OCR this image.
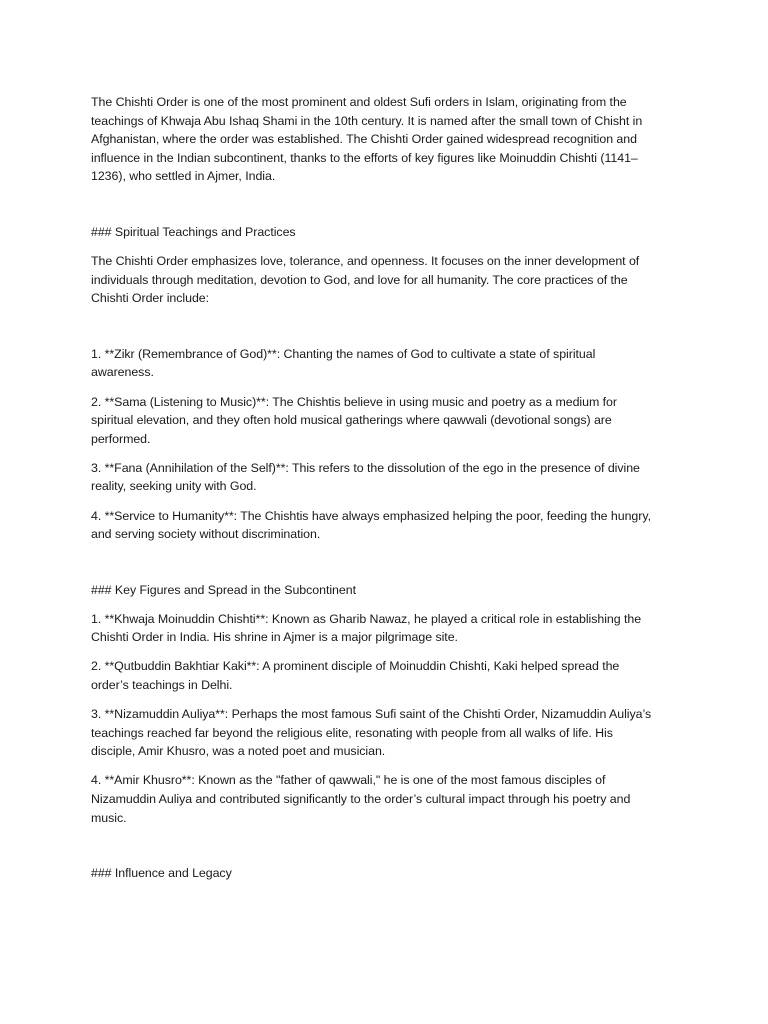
The Chishti Order is one of the most prominent and oldest Sufi orders in Islam, originating from the
teachings of Khwaja Abu Ishaq Shami in the 10th century. It is named after the small town of Chisht in
Afghanistan, where the order was established. The Chishti Order gained widespread recognition and
influence in the Indian subcontinent, thanks to the efforts of key figures like Moinuddin Chishti (1141–
1236), who settled in Ajmer, India.

### Spiritual Teachings and Practices

The Chishti Order emphasizes love, tolerance, and openness. It focuses on the inner development of
individuals through meditation, devotion to God, and love for all humanity. The core practices of the
Chishti Order include:

1. **Zikr (Remembrance of God)**: Chanting the names of God to cultivate a state of spiritual
awareness.

2. **Sama (Listening to Music)**: The Chishtis believe in using music and poetry as a medium for
spiritual elevation, and they often hold musical gatherings where qawwali (devotional songs) are
performed.

3. **Fana (Annihilation of the Self)**: This refers to the dissolution of the ego in the presence of divine
reality, seeking unity with God.

4. **Service to Humanity**: The Chishtis have always emphasized helping the poor, feeding the hungry,
and serving society without discrimination.

### Key Figures and Spread in the Subcontinent

1. **Khwaja Moinuddin Chishti**: Known as Gharib Nawaz, he played a critical role in establishing the
Chishti Order in India. His shrine in Ajmer is a major pilgrimage site.

2. **Qutbuddin Bakhtiar Kaki**: A prominent disciple of Moinuddin Chishti, Kaki helped spread the
order’s teachings in Delhi.

3. **Nizamuddin Auliya**: Perhaps the most famous Sufi saint of the Chishti Order, Nizamuddin Auliya’s
teachings reached far beyond the religious elite, resonating with people from all walks of life. His
disciple, Amir Khusro, was a noted poet and musician.

4. **Amir Khusro**: Known as the "father of qawwali," he is one of the most famous disciples of
Nizamuddin Auliya and contributed significantly to the order’s cultural impact through his poetry and
music.

### Influence and Legacy
